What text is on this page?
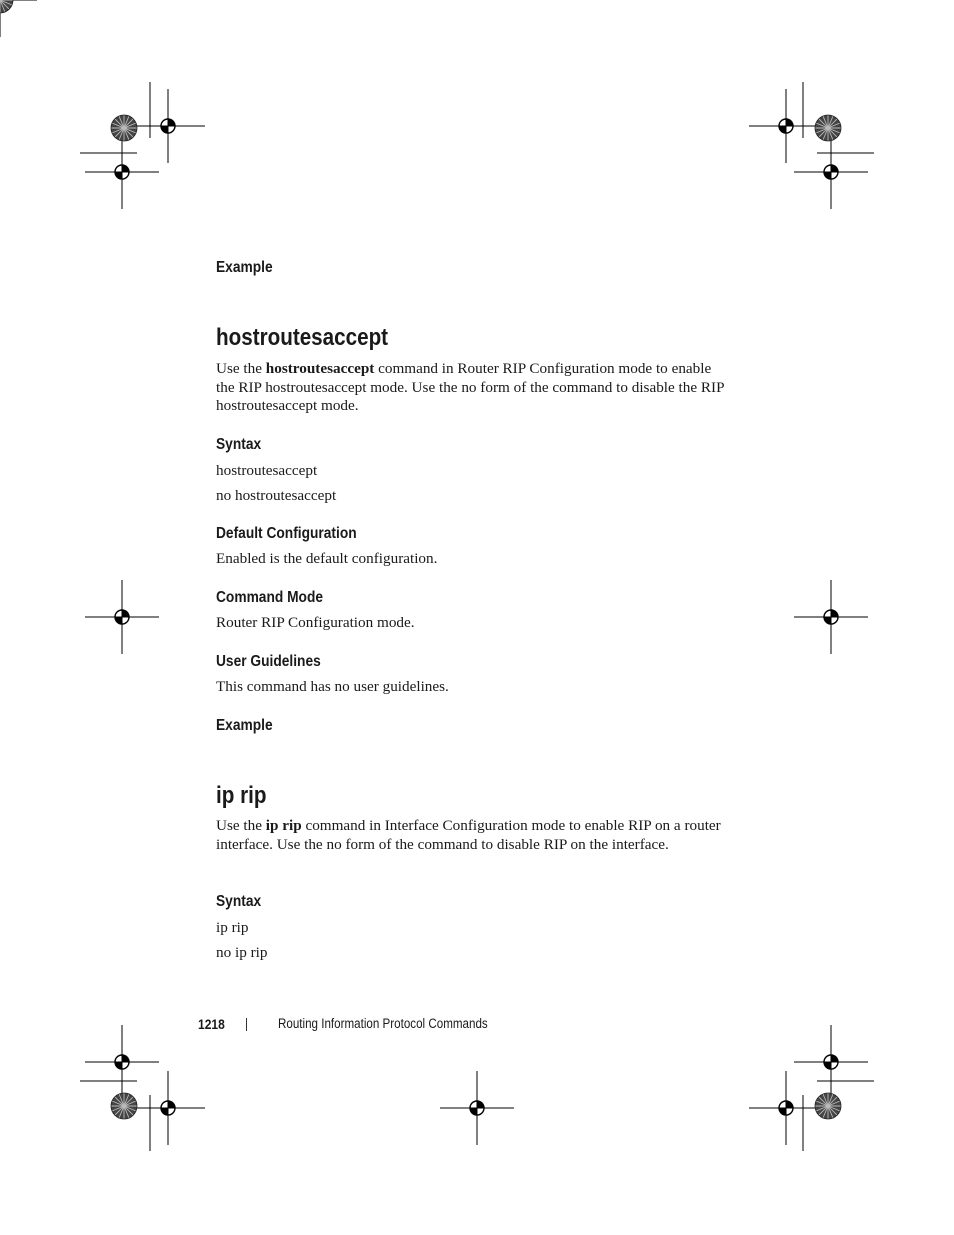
Example
hostroutesaccept
Use the hostroutesaccept command in Router RIP Configuration mode to enable the RIP hostroutesaccept mode. Use the no form of the command to disable the RIP hostroutesaccept mode.
Syntax
hostroutesaccept
no hostroutesaccept
Default Configuration
Enabled is the default configuration.
Command Mode
Router RIP Configuration mode.
User Guidelines
This command has no user guidelines.
Example
ip rip
Use the ip rip command in Interface Configuration mode to enable RIP on a router interface. Use the no form of the command to disable RIP on the interface.
Syntax
ip rip
no ip rip
1218	Routing Information Protocol Commands
